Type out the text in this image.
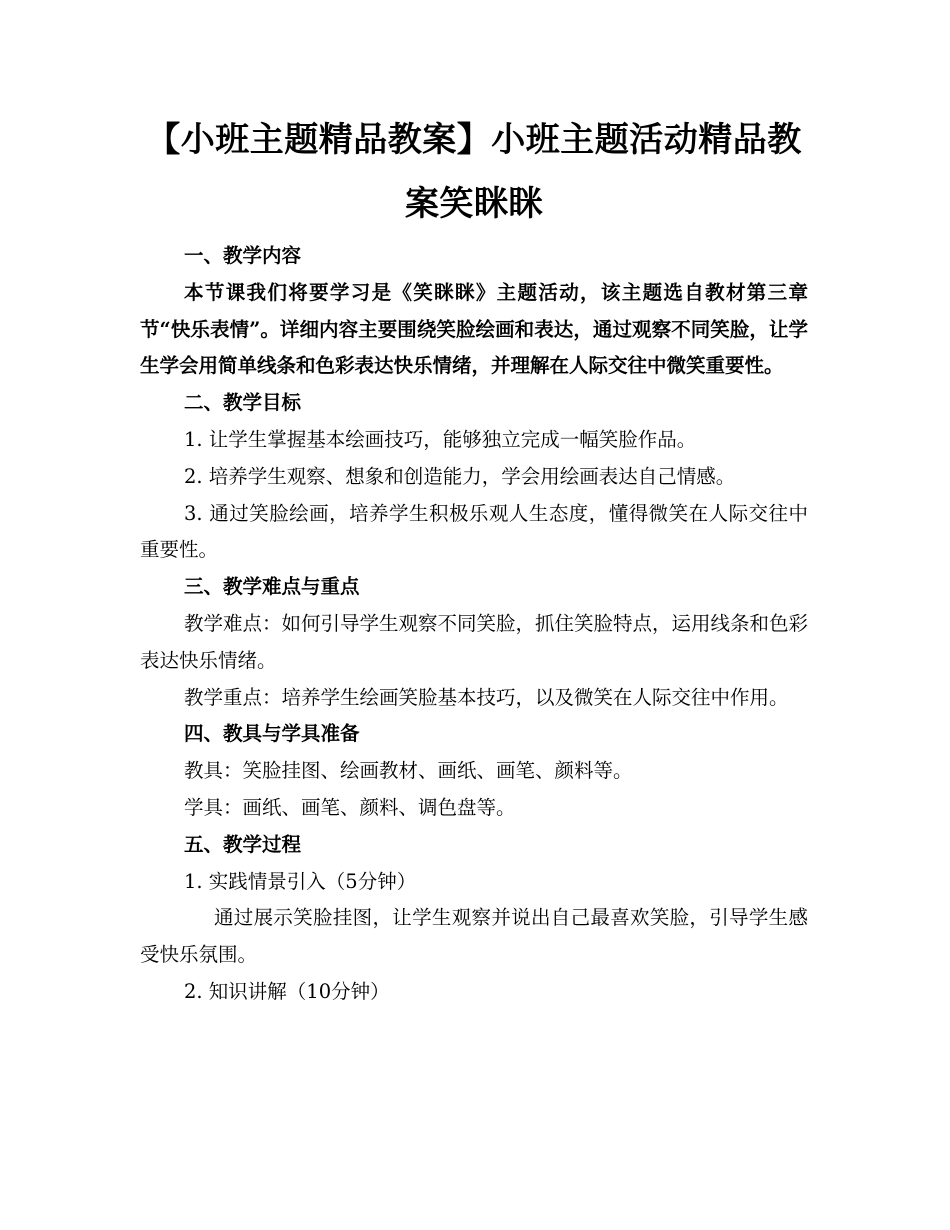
【小班主题精品教案】小班主题活动精品教
案笑眯眯

一、教学内容

本节课我们将要学习是《笑眯眯》主题活动，该主题选自教材第三章节“快乐表情”。详细内容主要围绕笑脸绘画和表达，通过观察不同笑脸，让学生学会用简单线条和色彩表达快乐情绪，并理解在人际交往中微笑重要性。

二、教学目标

1. 让学生掌握基本绘画技巧，能够独立完成一幅笑脸作品。

2. 培养学生观察、想象和创造能力，学会用绘画表达自己情感。

3. 通过笑脸绘画，培养学生积极乐观人生态度，懂得微笑在人际交往中重要性。

三、教学难点与重点

教学难点：如何引导学生观察不同笑脸，抓住笑脸特点，运用线条和色彩表达快乐情绪。

教学重点：培养学生绘画笑脸基本技巧，以及微笑在人际交往中作用。

四、教具与学具准备

教具：笑脸挂图、绘画教材、画纸、画笔、颜料等。

学具：画纸、画笔、颜料、调色盘等。

五、教学过程

1. 实践情景引入（5分钟）

通过展示笑脸挂图，让学生观察并说出自己最喜欢笑脸，引导学生感受快乐氛围。

2. 知识讲解（10分钟）
